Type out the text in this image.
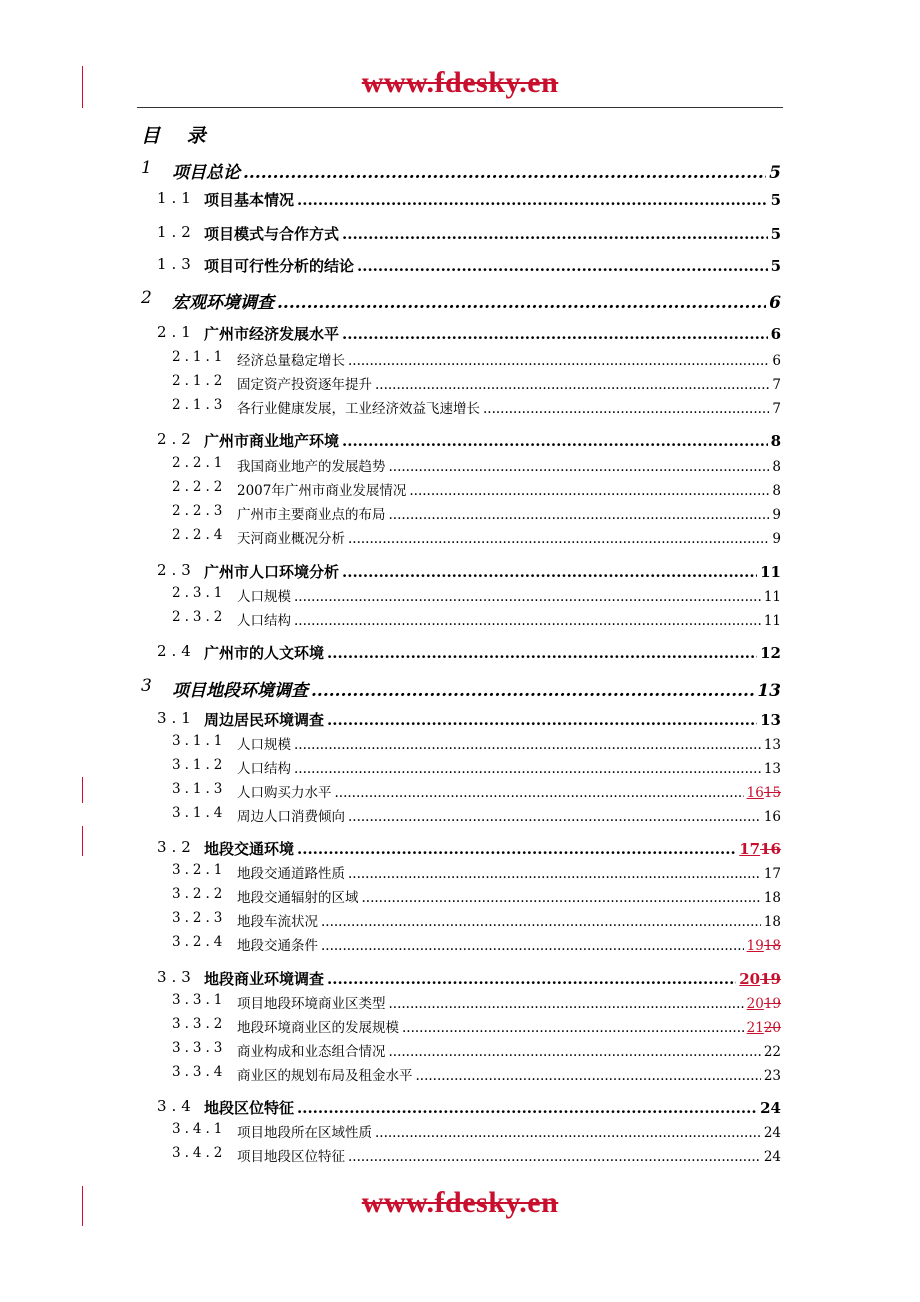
www.fdesky.en
目 录
1 项目总论 .....	5
1.1 项目基本情况 .....	5
1.2 项目模式与合作方式 .....	5
1.3 项目可行性分析的结论 .....	5
2 宏观环境调查 .....	6
2.1 广州市经济发展水平 .....	6
2.1.1 经济总量稳定增长 .....	6
2.1.2 固定资产投资逐年提升 .....	7
2.1.3 各行业健康发展，工业经济效益飞速增长 .....	7
2.2 广州市商业地产环境 .....	8
2.2.1 我国商业地产的发展趋势 .....	8
2.2.2 2007年广州市商业发展情况 .....	8
2.2.3 广州市主要商业点的布局 .....	9
2.2.4 天河商业概况分析 .....	9
2.3 广州市人口环境分析 .....	11
2.3.1 人口规模 .....	11
2.3.2 人口结构 .....	11
2.4 广州市的人文环境 .....	12
3 项目地段环境调查 .....	13
3.1 周边居民环境调查 .....	13
3.1.1 人口规模 .....	13
3.1.2 人口结构 .....	13
3.1.3 人口购买力水平 .....	1615
3.1.4 周边人口消费倾向 .....	16
3.2 地段交通环境 .....	1716
3.2.1 地段交通道路性质 .....	17
3.2.2 地段交通辐射的区域 .....	18
3.2.3 地段车流状况 .....	18
3.2.4 地段交通条件 .....	1918
3.3 地段商业环境调查 .....	2019
3.3.1 项目地段环境商业区类型 .....	2019
3.3.2 地段环境商业区的发展规模 .....	2120
3.3.3 商业构成和业态组合情况 .....	22
3.3.4 商业区的规划布局及租金水平 .....	23
3.4 地段区位特征 .....	24
3.4.1 项目地段所在区域性质 .....	24
3.4.2 项目地段区位特征 .....	24
www.fdesky.en
